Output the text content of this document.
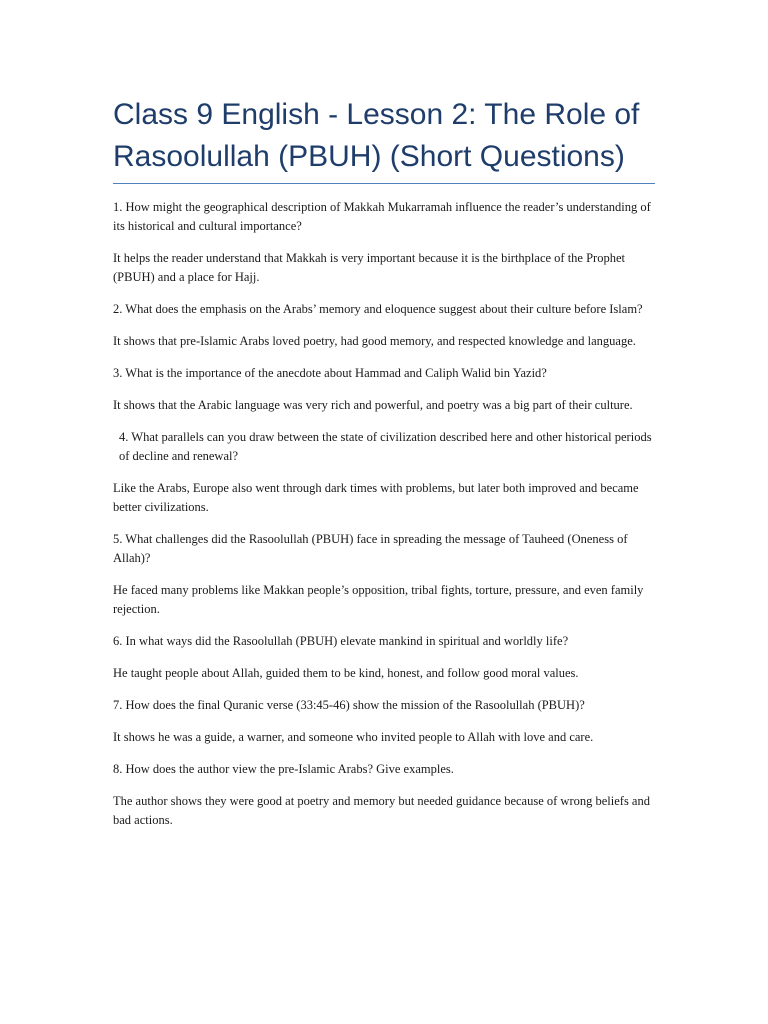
Class 9 English - Lesson 2: The Role of Rasoolullah (PBUH) (Short Questions)

1. How might the geographical description of Makkah Mukarramah influence the reader’s understanding of its historical and cultural importance?

It helps the reader understand that Makkah is very important because it is the birthplace of the Prophet (PBUH) and a place for Hajj.

2. What does the emphasis on the Arabs’ memory and eloquence suggest about their culture before Islam?

It shows that pre-Islamic Arabs loved poetry, had good memory, and respected knowledge and language.

3. What is the importance of the anecdote about Hammad and Caliph Walid bin Yazid?

It shows that the Arabic language was very rich and powerful, and poetry was a big part of their culture.

4. What parallels can you draw between the state of civilization described here and other historical periods of decline and renewal?

Like the Arabs, Europe also went through dark times with problems, but later both improved and became better civilizations.

5. What challenges did the Rasoolullah (PBUH) face in spreading the message of Tauheed (Oneness of Allah)?

He faced many problems like Makkan people’s opposition, tribal fights, torture, pressure, and even family rejection.

6. In what ways did the Rasoolullah (PBUH) elevate mankind in spiritual and worldly life?

He taught people about Allah, guided them to be kind, honest, and follow good moral values.

7. How does the final Quranic verse (33:45-46) show the mission of the Rasoolullah (PBUH)?

It shows he was a guide, a warner, and someone who invited people to Allah with love and care.

8. How does the author view the pre-Islamic Arabs? Give examples.

The author shows they were good at poetry and memory but needed guidance because of wrong beliefs and bad actions.
